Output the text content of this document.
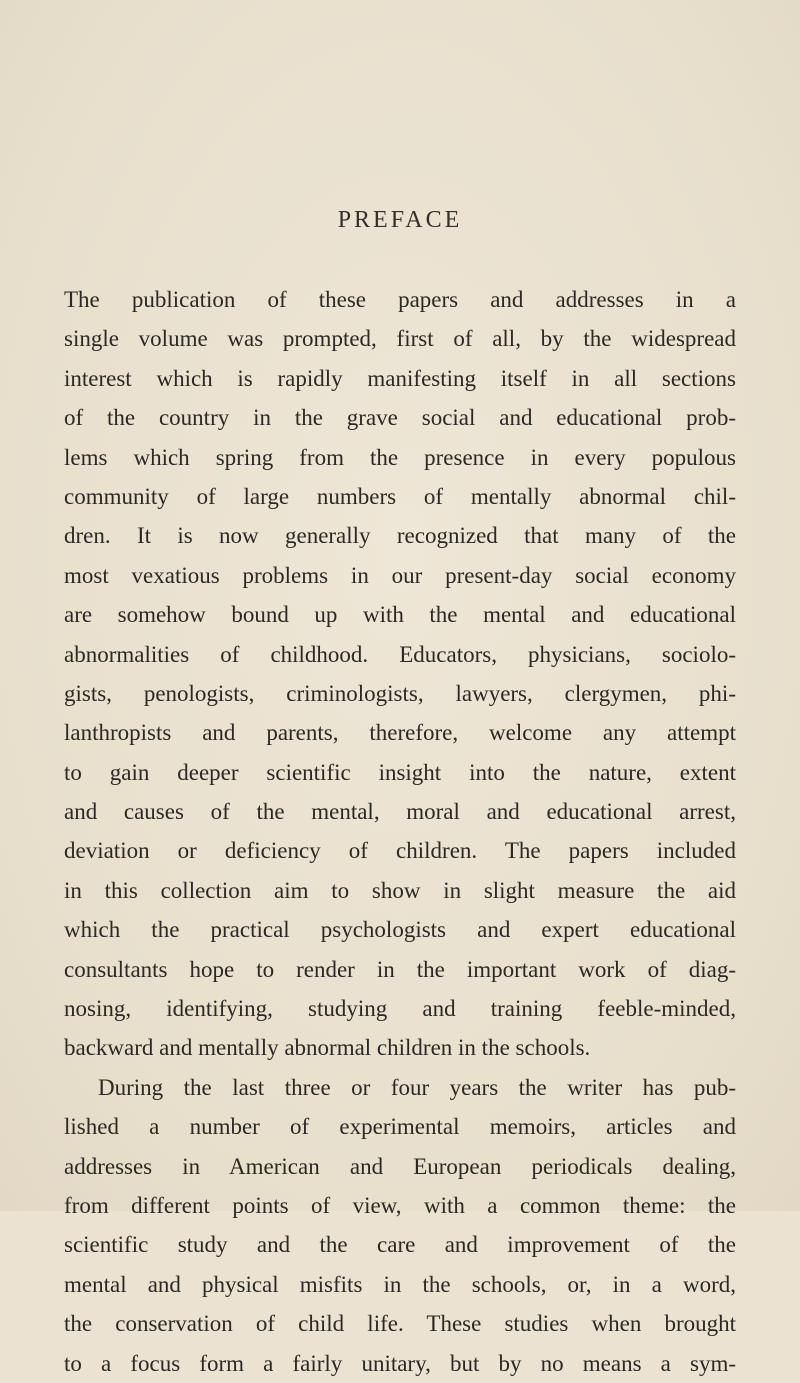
PREFACE
The publication of these papers and addresses in a
single volume was prompted, first of all, by the widespread
interest which is rapidly manifesting itself in all sections
of the country in the grave social and educational prob-
lems which spring from the presence in every populous
community of large numbers of mentally abnormal chil-
dren. It is now generally recognized that many of the
most vexatious problems in our present-day social economy
are somehow bound up with the mental and educational
abnormalities of childhood. Educators, physicians, sociolo-
gists, penologists, criminologists, lawyers, clergymen, phi-
lanthropists and parents, therefore, welcome any attempt
to gain deeper scientific insight into the nature, extent
and causes of the mental, moral and educational arrest,
deviation or deficiency of children. The papers included
in this collection aim to show in slight measure the aid
which the practical psychologists and expert educational
consultants hope to render in the important work of diag-
nosing, identifying, studying and training feeble-minded,
backward and mentally abnormal children in the schools.
During the last three or four years the writer has pub-
lished a number of experimental memoirs, articles and
addresses in American and European periodicals dealing,
from different points of view, with a common theme: the
scientific study and the care and improvement of the
mental and physical misfits in the schools, or, in a word,
the conservation of child life. These studies when brought
to a focus form a fairly unitary, but by no means a sym-
